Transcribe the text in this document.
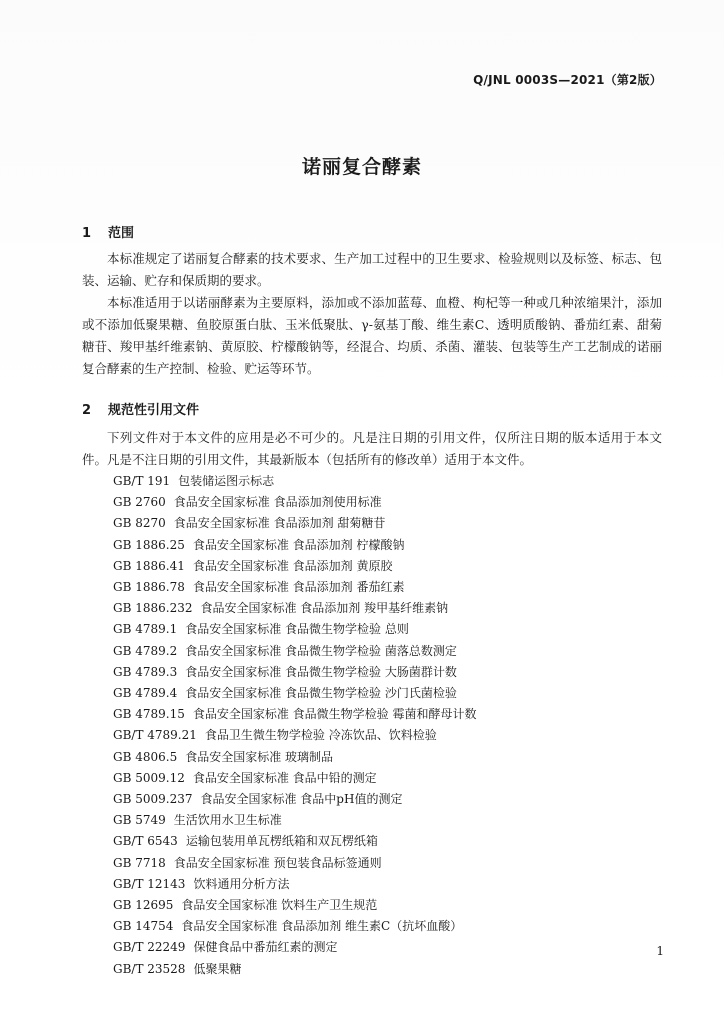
Q/JNL 0003S—2021（第2版）
诺丽复合酵素
1 范围
本标准规定了诺丽复合酵素的技术要求、生产加工过程中的卫生要求、检验规则以及标签、标志、包装、运输、贮存和保质期的要求。
本标准适用于以诺丽酵素为主要原料，添加或不添加蓝莓、血橙、枸杞等一种或几种浓缩果汁，添加或不添加低聚果糖、鱼胶原蛋白肽、玉米低聚肽、γ-氨基丁酸、维生素C、透明质酸钠、番茄红素、甜菊糖苷、羧甲基纤维素钠、黄原胶、柠檬酸钠等，经混合、均质、杀菌、灌装、包装等生产工艺制成的诺丽复合酵素的生产控制、检验、贮运等环节。
2 规范性引用文件
下列文件对于本文件的应用是必不可少的。凡是注日期的引用文件，仅所注日期的版本适用于本文件。凡是不注日期的引用文件，其最新版本（包括所有的修改单）适用于本文件。
GB/T 191 包装储运图示标志
GB 2760 食品安全国家标准 食品添加剂使用标准
GB 8270 食品安全国家标准 食品添加剂 甜菊糖苷
GB 1886.25 食品安全国家标准 食品添加剂 柠檬酸钠
GB 1886.41 食品安全国家标准 食品添加剂 黄原胶
GB 1886.78 食品安全国家标准 食品添加剂 番茄红素
GB 1886.232 食品安全国家标准 食品添加剂 羧甲基纤维素钠
GB 4789.1 食品安全国家标准 食品微生物学检验 总则
GB 4789.2 食品安全国家标准 食品微生物学检验 菌落总数测定
GB 4789.3 食品安全国家标准 食品微生物学检验 大肠菌群计数
GB 4789.4 食品安全国家标准 食品微生物学检验 沙门氏菌检验
GB 4789.15 食品安全国家标准 食品微生物学检验 霉菌和酵母计数
GB/T 4789.21 食品卫生微生物学检验 冷冻饮品、饮料检验
GB 4806.5 食品安全国家标准 玻璃制品
GB 5009.12 食品安全国家标准 食品中铅的测定
GB 5009.237 食品安全国家标准 食品中pH值的测定
GB 5749 生活饮用水卫生标准
GB/T 6543 运输包装用单瓦楞纸箱和双瓦楞纸箱
GB 7718 食品安全国家标准 预包装食品标签通则
GB/T 12143 饮料通用分析方法
GB 12695 食品安全国家标准 饮料生产卫生规范
GB 14754 食品安全国家标准 食品添加剂 维生素C（抗坏血酸）
GB/T 22249 保健食品中番茄红素的测定
GB/T 23528 低聚果糖
1
